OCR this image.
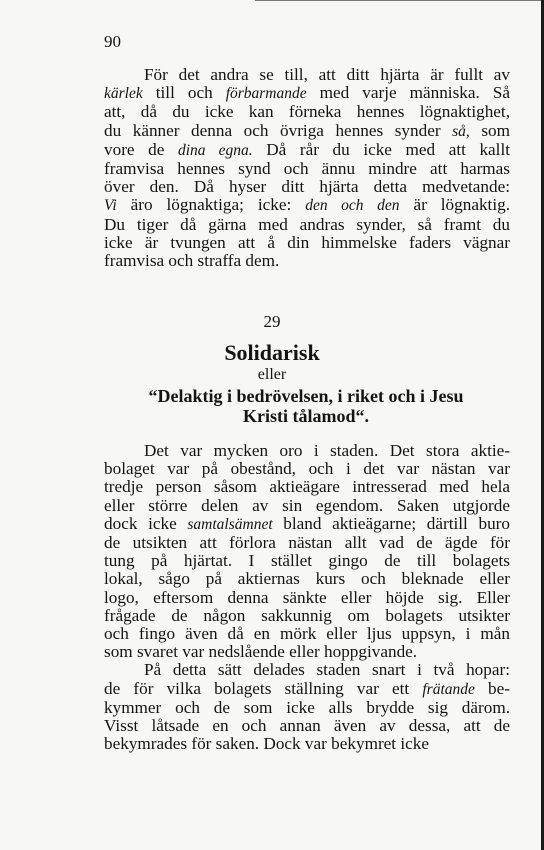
90
För det andra se till, att ditt hjärta är fullt av
kärlek till och förbarmande med varje människa. Så
att, då du icke kan förneka hennes lögnaktighet,
du känner denna och övriga hennes synder så, som
vore de dina egna. Då rår du icke med att kallt
framvisa hennes synd och ännu mindre att harmas
över den. Då hyser ditt hjärta detta medvetande:
Vi äro lögnaktiga; icke: den och den är lögnaktig.
Du tiger då gärna med andras synder, så framt du
icke är tvungen att å din himmelske faders vägnar
framvisa och straffa dem.
29
Solidarisk
eller
“Delaktig i bedrövelsen, i riket och i Jesu
Kristi tålamod“.
Det var mycken oro i staden. Det stora aktie-
bolaget var på obestånd, och i det var nästan var
tredje person såsom aktieägare intresserad med hela
eller större delen av sin egendom. Saken utgjorde
dock icke samtalsämnet bland aktieägarne; därtill buro
de utsikten att förlora nästan allt vad de ägde för
tung på hjärtat. I stället gingo de till bolagets
lokal, sågo på aktiernas kurs och bleknade eller
logo, eftersom denna sänkte eller höjde sig. Eller
frågade de någon sakkunnig om bolagets utsikter
och fingo även då en mörk eller ljus uppsyn, i mån
som svaret var nedslående eller hoppgivande.
På detta sätt delades staden snart i två hopar:
de för vilka bolagets ställning var ett frätande be-
kymmer och de som icke alls brydde sig därom.
Visst låtsade en och annan även av dessa, att de
bekymrades för saken. Dock var bekymret icke
